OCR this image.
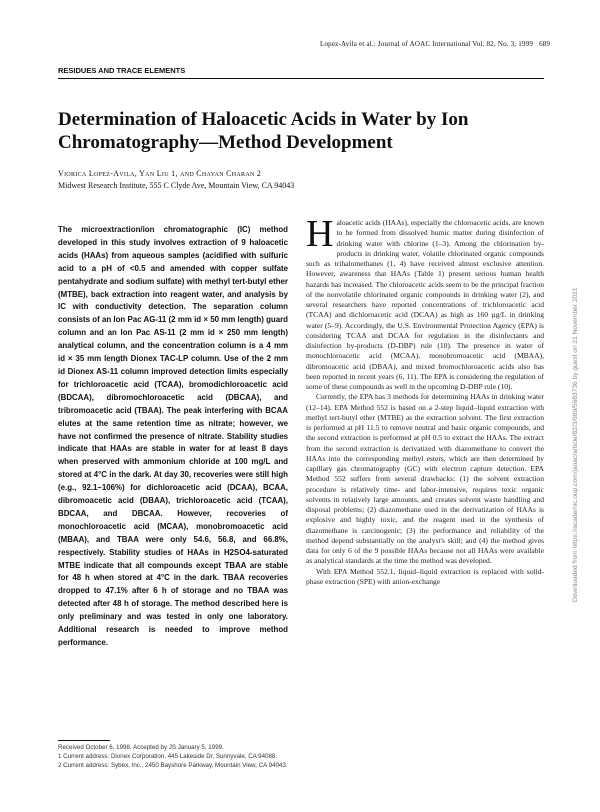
Lopez-Avila et al.: Journal of AOAC International Vol. 82, No. 3, 1999 689
RESIDUES AND TRACE ELEMENTS
Determination of Haloacetic Acids in Water by Ion Chromatography—Method Development
Viorica Lopez-Avila, Yan Liu 1, and Chayan Charan 2
Midwest Research Institute, 555 C Clyde Ave, Mountain View, CA 94043

The microextraction/ion chromatographic (IC) method developed in this study involves extraction of 9 haloacetic acids (HAAs) from aqueous samples (acidified with sulfuric acid to a pH of <0.5 and amended with copper sulfate pentahydrate and sodium sulfate) with methyl tert-butyl ether (MTBE), back extraction into reagent water, and analysis by IC with conductivity detection. The separation column consists of an Ion Pac AG-11 (2 mm id × 50 mm length) guard column and an Ion Pac AS-11 (2 mm id × 250 mm length) analytical column, and the concentration column is a 4 mm id × 35 mm length Dionex TAC-LP column. Use of the 2 mm id Dionex AS-11 column improved detection limits especially for trichloroacetic acid (TCAA), bromodichloroacetic acid (BDCAA), dibromochloroacetic acid (DBCAA), and tribromoacetic acid (TBAA). The peak interfering with BCAA elutes at the same retention time as nitrate; however, we have not confirmed the presence of nitrate. Stability studies indicate that HAAs are stable in water for at least 8 days when preserved with ammonium chloride at 100 mg/L and stored at 4°C in the dark. At day 30, recoveries were still high (e.g., 92.1–106%) for dichloroacetic acid (DCAA), BCAA, dibromoacetic acid (DBAA), trichloroacetic acid (TCAA), BDCAA, and DBCAA. However, recoveries of monochloroacetic acid (MCAA), monobromoacetic acid (MBAA), and TBAA were only 54.6, 56.8, and 66.8%, respectively. Stability studies of HAAs in H2SO4-saturated MTBE indicate that all compounds except TBAA are stable for 48 h when stored at 4°C in the dark. TBAA recoveries dropped to 47.1% after 6 h of storage and no TBAA was detected after 48 h of storage. The method described here is only preliminary and was tested in only one laboratory. Additional research is needed to improve method performance.

Received October 6, 1998. Accepted by JS January 5, 1999.

1 Current address: Dionex Corporation, 445 Lakeside Dr, Sunnyvale, CA 94088.

2 Current address: Sybex, Inc., 2450 Bayshore Parkway, Mountain View, CA 94043.

Haloacetic acids (HAAs), especially the chloroacetic acids, are known to be formed from dissolved humic matter during disinfection of drinking water with chlorine (1–3). Among the chlorination by-products in drinking water, volatile chlorinated organic compounds such as trihalomethanes (1, 4) have received almost exclusive attention. However, awareness that HAAs (Table 1) present serious human health hazards has increased. The chloroacetic acids seem to be the principal fraction of the nonvolatile chlorinated organic compounds in drinking water (2), and several researchers have reported concentrations of trichloroacetic acid (TCAA) and dichloroacetic acid (DCAA) as high as 160 µg/L in drinking water (5–9). Accordingly, the U.S. Environmental Protection Agency (EPA) is considering TCAA and DCAA for regulation in the disinfectants and disinfection by-products (D-DBP) rule (10). The presence in water of monochloroacetic acid (MCAA), monobromoacetic acid (MBAA), dibromoacetic acid (DBAA), and mixed bromochloroacetic acids also has been reported in recent years (6, 11). The EPA is considering the regulation of some of these compounds as well in the upcoming D-DBP rule (10).

Currently, the EPA has 3 methods for determining HAAs in drinking water (12–14). EPA Method 552 is based on a 2-step liquid–liquid extraction with methyl tert-butyl ether (MTBE) as the extraction solvent. The first extraction is performed at pH 11.5 to remove neutral and basic organic compounds, and the second extraction is performed at pH 0.5 to extract the HAAs. The extract from the second extraction is derivatized with diazomethane to convert the HAAs into the corresponding methyl esters, which are then determined by capillary gas chromatography (GC) with electron capture detection. EPA Method 552 suffers from several drawbacks: (1) the solvent extraction procedure is relatively time- and labor-intensive, requires toxic organic solvents in relatively large amounts, and creates solvent waste handling and disposal problems; (2) diazomethane used in the derivatization of HAAs is explosive and highly toxic, and the reagent used in the synthesis of diazomethane is carcinogenic; (3) the performance and reliability of the method depend substantially on the analyst's skill; and (4) the method gives data for only 6 of the 9 possible HAAs because not all HAAs were available as analytical standards at the time the method was developed.

With EPA Method 552.1, liquid–liquid extraction is replaced with solid-phase extraction (SPE) with anion-exchange	Downloaded from https://academic.oup.com/jaoac/article/82/3/689/5683736 by guest on 21 November 2021
